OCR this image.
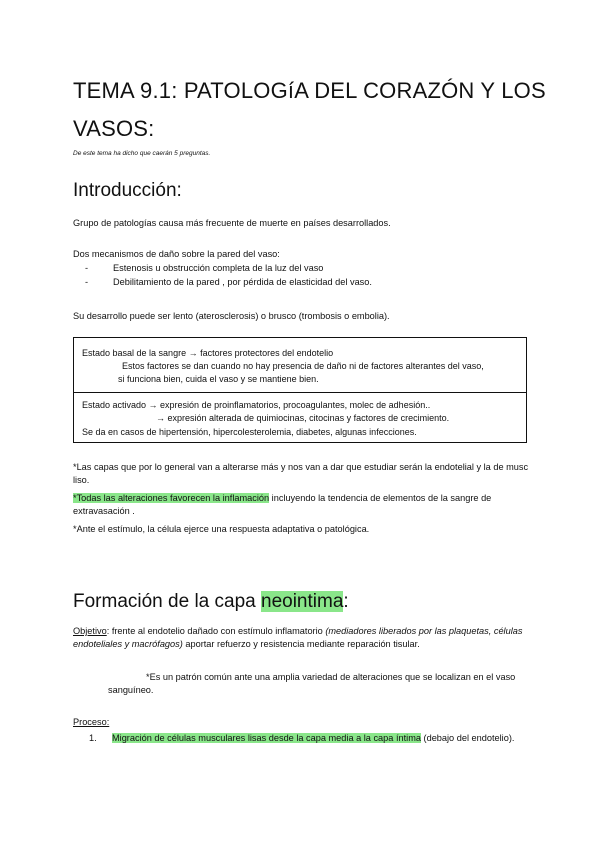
TEMA 9.1: PATOLOGíA DEL CORAZÓN Y LOS VASOS:
De este tema ha dicho que caerán 5 preguntas.
Introducción:

Grupo de patologías causa más frecuente de muerte en países desarrollados.

Dos mecanismos de daño sobre la pared del vaso:

-	Estenosis u obstrucción completa de la luz del vaso
-	Debilitamiento de la pared , por pérdida de elasticidad del vaso.

Su desarrollo puede ser lento (aterosclerosis) o brusco (trombosis o embolia).

Estado basal de la sangre → factores protectores del endotelio
Estos factores se dan cuando no hay presencia de daño ni de factores alterantes del vaso,
si funciona bien, cuida el vaso y se mantiene bien.
Estado activado → expresión de proinflamatorios, procoagulantes, molec de adhesión..
→ expresión alterada de quimiocinas, citocinas y factores de crecimiento.
Se da en casos de hipertensión, hipercolesterolemia, diabetes, algunas infecciones.

*Las capas que por lo general van a alterarse más y nos van a dar que estudiar serán la endotelial y la de musc liso.

*Todas las alteraciones favorecen la inflamación incluyendo la tendencia de elementos de la sangre de extravasación .

*Ante el estímulo, la célula ejerce una respuesta adaptativa o patológica.

Formación de la capa neointima:

Objetivo: frente al endotelio dañado con estímulo inflamatorio (mediadores liberados por las plaquetas, células endoteliales y macrófagos) aportar refuerzo y resistencia mediante reparación tisular.

*Es un patrón común ante una amplia variedad de alteraciones que se localizan en el vaso sanguíneo.

Proceso:

1. Migración de células musculares lisas desde la capa media a la capa íntima (debajo del endotelio).
